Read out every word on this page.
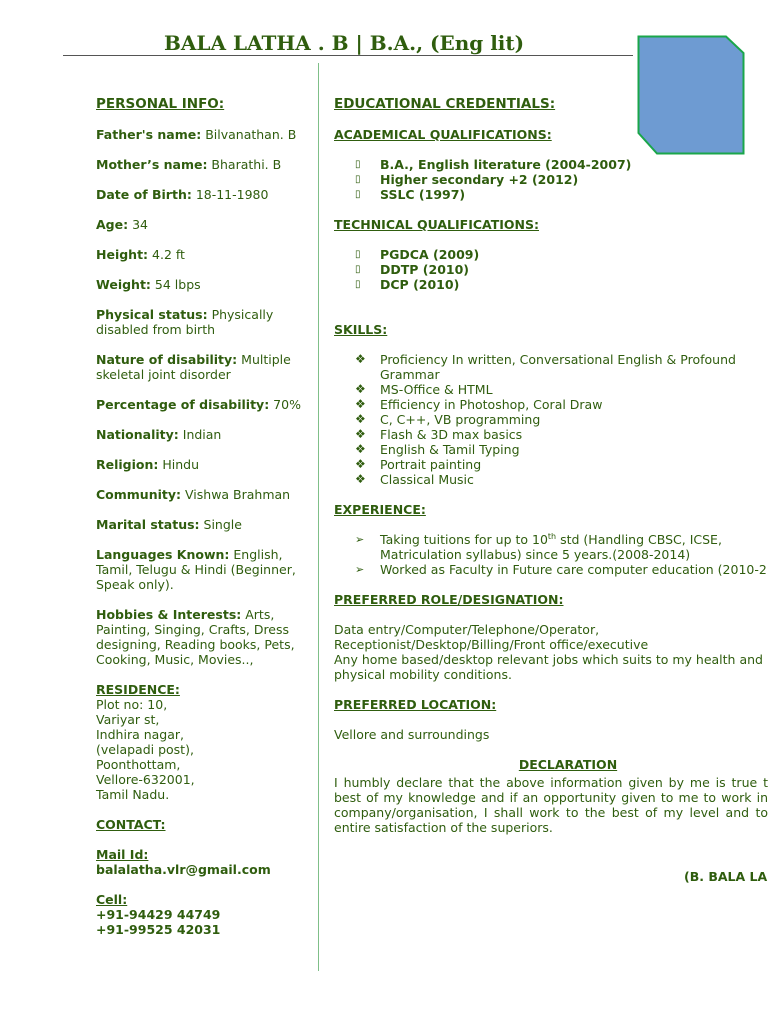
BALA LATHA . B | B.A., (Eng lit)

PERSONAL INFO:

Father's name: Bilvanathan. B

Mother’s name: Bharathi. B

Date of Birth: 18-11-1980

Age: 34

Height: 4.2 ft

Weight: 54 lbps

Physical status: Physically disabled from birth

Nature of disability: Multiple skeletal joint disorder

Percentage of disability: 70%

Nationality: Indian

Religion: Hindu

Community: Vishwa Brahman

Marital status: Single

Languages Known: English, Tamil, Telugu & Hindi (Beginner, Speak only).

Hobbies & Interests: Arts, Painting, Singing, Crafts, Dress designing, Reading books, Pets, Cooking, Music, Movies..,

RESIDENCE:

Plot no: 10,
Variyar st,
Indhira nagar,
(velapadi post),
Poonthottam,
Vellore-632001,
Tamil Nadu.

CONTACT:

Mail Id:

balalatha.vlr@gmail.com

Cell:

+91-94429 44749

+91-99525 42031

EDUCATIONAL CREDENTIALS:

ACADEMICAL QUALIFICATIONS:

▯ B.A., English literature (2004-2007)
▯ Higher secondary +2 (2012)
▯ SSLC (1997)

TECHNICAL QUALIFICATIONS:

▯ PGDCA (2009)
▯ DDTP (2010)
▯ DCP (2010)

SKILLS:

❖ Proficiency In written, Conversational English & Profound Grammar
❖ MS-Office & HTML
❖ Efficiency in Photoshop, Coral Draw
❖ C, C++, VB programming
❖ Flash & 3D max basics
❖ English & Tamil Typing
❖ Portrait painting
❖ Classical Music

EXPERIENCE:

➢ Taking tuitions for up to 10th std (Handling CBSC, ICSE, Matriculation syllabus) since 5 years.(2008-2014)
➢ Worked as Faculty in Future care computer education (2010-2

PREFERRED ROLE/DESIGNATION:

Data entry/Computer/Telephone/Operator, Receptionist/Desktop/Billing/Front office/executive

Any home based/desktop relevant jobs which suits to my health and physical mobility conditions.

PREFERRED LOCATION:

Vellore and surroundings

DECLARATION

I humbly declare that the above information given by me is true t best of my knowledge and if an opportunity given to me to work in company/organisation, I shall work to the best of my level and to entire satisfaction of the superiors.

(B. BALA LA
